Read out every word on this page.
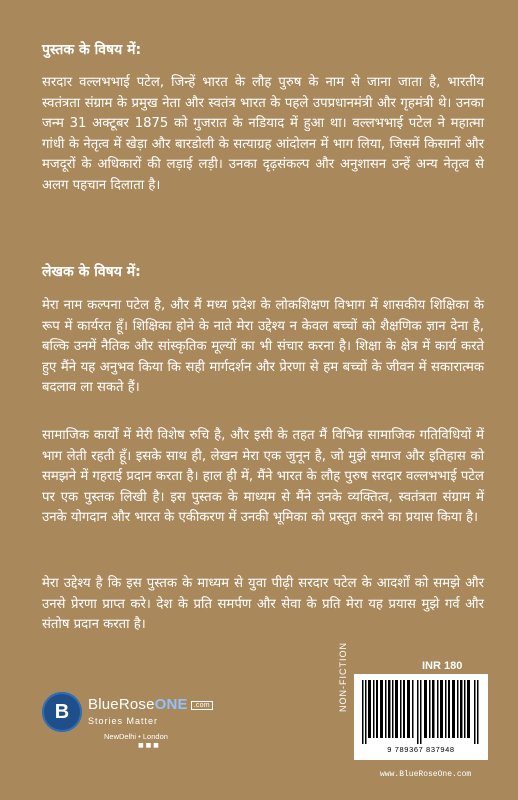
पुस्तक के विषय में:
सरदार वल्लभभाई पटेल, जिन्हें भारत के लौह पुरुष के नाम से जाना जाता है, भारतीय स्वतंत्रता संग्राम के प्रमुख नेता और स्वतंत्र भारत के पहले उपप्रधानमंत्री और गृहमंत्री थे। उनका जन्म 31 अक्टूबर 1875 को गुजरात के नडियाद में हुआ था। वल्लभभाई पटेल ने महात्मा गांधी के नेतृत्व में खेड़ा और बारडोली के सत्याग्रह आंदोलन में भाग लिया, जिसमें किसानों और मजदूरों के अधिकारों की लड़ाई लड़ी। उनका दृढ़संकल्प और अनुशासन उन्हें अन्य नेतृत्व से अलग पहचान दिलाता है।
लेखक के विषय में:
मेरा नाम कल्पना पटेल है, और मैं मध्य प्रदेश के लोकशिक्षण विभाग में शासकीय शिक्षिका के रूप में कार्यरत हूँ। शिक्षिका होने के नाते मेरा उद्देश्य न केवल बच्चों को शैक्षणिक ज्ञान देना है, बल्कि उनमें नैतिक और सांस्कृतिक मूल्यों का भी संचार करना है। शिक्षा के क्षेत्र में कार्य करते हुए मैंने यह अनुभव किया कि सही मार्गदर्शन और प्रेरणा से हम बच्चों के जीवन में सकारात्मक बदलाव ला सकते हैं।
सामाजिक कार्यों में मेरी विशेष रुचि है, और इसी के तहत मैं विभिन्न सामाजिक गतिविधियों में भाग लेती रहती हूँ। इसके साथ ही, लेखन मेरा एक जुनून है, जो मुझे समाज और इतिहास को समझने में गहराई प्रदान करता है। हाल ही में, मैंने भारत के लौह पुरुष सरदार वल्लभभाई पटेल पर एक पुस्तक लिखी है। इस पुस्तक के माध्यम से मैंने उनके व्यक्तित्व, स्वतंत्रता संग्राम में उनके योगदान और भारत के एकीकरण में उनकी भूमिका को प्रस्तुत करने का प्रयास किया है।
मेरा उद्देश्य है कि इस पुस्तक के माध्यम से युवा पीढ़ी सरदार पटेल के आदर्शों को समझे और उनसे प्रेरणा प्राप्त करे। देश के प्रति समर्पण और सेवा के प्रति मेरा यह प्रयास मुझे गर्व और संतोष प्रदान करता है।
B	BlueRoseONE .com
Stories Matter
NewDelhi • London
■ ■ ■
INR 180
NON-FICTION
9 789367 837948
www.BlueRoseOne.com
